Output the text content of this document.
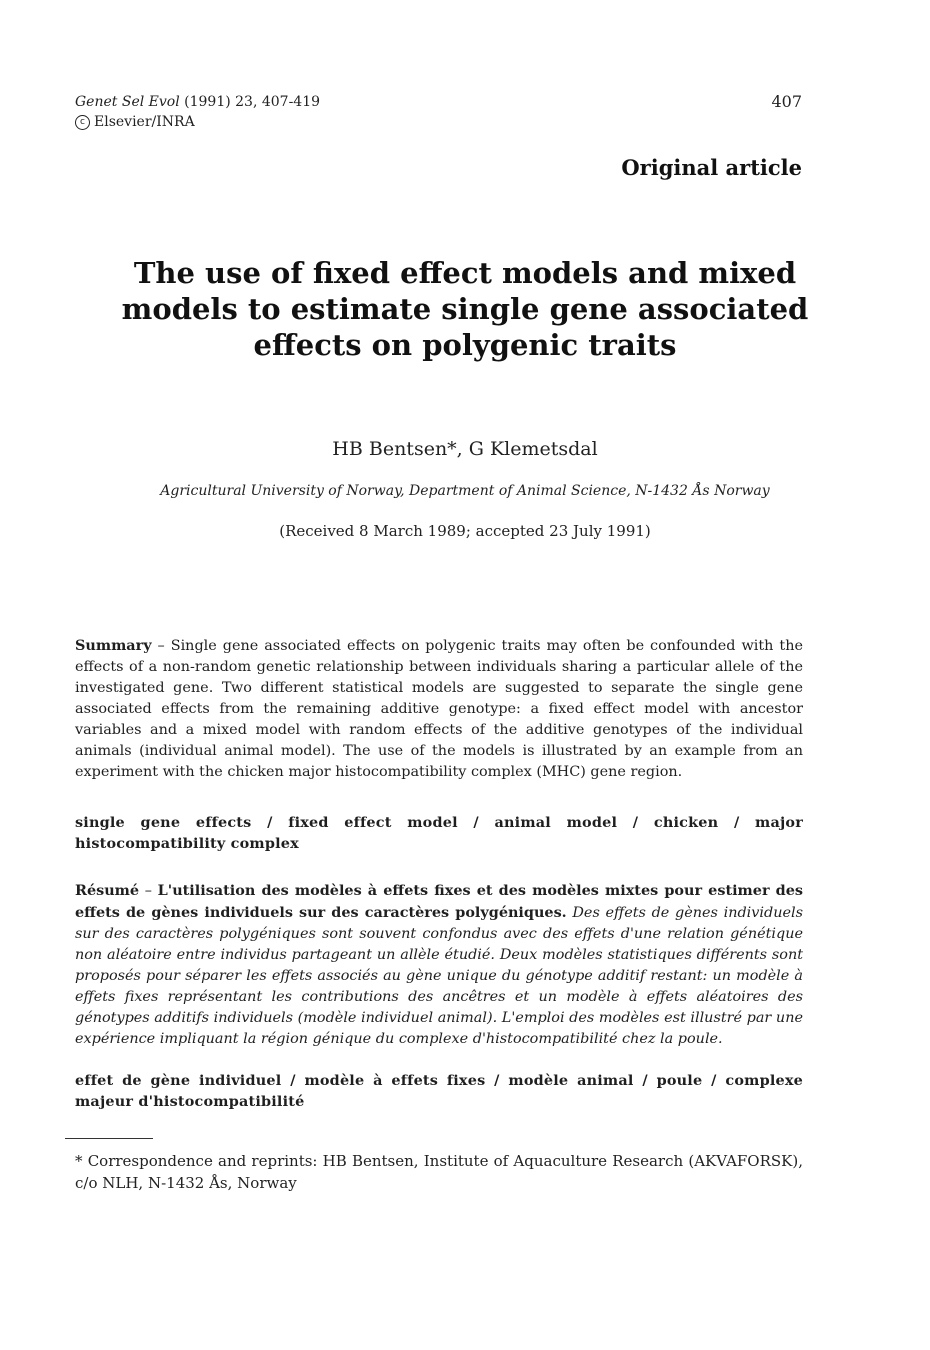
Genet Sel Evol (1991) 23, 407-419
c Elsevier/INRA
407
Original article
The use of fixed effect models and mixed models to estimate single gene associated effects on polygenic traits
HB Bentsen*, G Klemetsdal
Agricultural University of Norway, Department of Animal Science, N-1432 Ås Norway
(Received 8 March 1989; accepted 23 July 1991)
Summary – Single gene associated effects on polygenic traits may often be confounded with the effects of a non-random genetic relationship between individuals sharing a particular allele of the investigated gene. Two different statistical models are suggested to separate the single gene associated effects from the remaining additive genotype: a fixed effect model with ancestor variables and a mixed model with random effects of the additive genotypes of the individual animals (individual animal model). The use of the models is illustrated by an example from an experiment with the chicken major histocompatibility complex (MHC) gene region.
single gene effects / fixed effect model / animal model / chicken / major histocompatibility complex
Résumé – L'utilisation des modèles à effets fixes et des modèles mixtes pour estimer des effets de gènes individuels sur des caractères polygéniques. Des effets de gènes individuels sur des caractères polygéniques sont souvent confondus avec des effets d'une relation génétique non aléatoire entre individus partageant un allèle étudié. Deux modèles statistiques différents sont proposés pour séparer les effets associés au gène unique du génotype additif restant: un modèle à effets fixes représentant les contributions des ancêtres et un modèle à effets aléatoires des génotypes additifs individuels (modèle individuel animal). L'emploi des modèles est illustré par une expérience impliquant la région génique du complexe d'histocompatibilité chez la poule.
effet de gène individuel / modèle à effets fixes / modèle animal / poule / complexe majeur d'histocompatibilité
* Correspondence and reprints: HB Bentsen, Institute of Aquaculture Research (AKVAFORSK), c/o NLH, N-1432 Ås, Norway
